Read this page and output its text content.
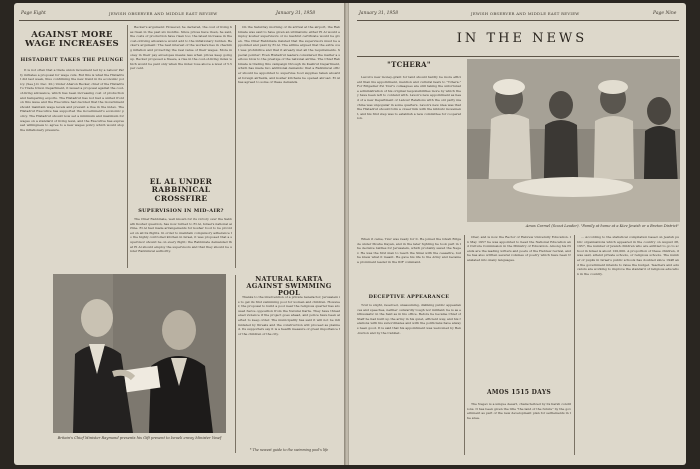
Page Eight	JEWISH OBSERVER AND MIDDLE EAST REVIEW	January 31, 1958
AGAINST MORE WAGE INCREASES
HISTADRUT TAKES THE PLUNGE

It is not often that a trade union movement led by a Labour Party initiates a proposal for wage cuts. But this is what the Histadrut did last week, thus confirming the new trend in its economic policy. (See J.O. Dec. 20.) Under Aharon Becker, chief of the Histadrut's Trade Union Department, it issued a proposal against the cost-of-living allowance, which has been increasing cost of production and hampering exports. The Histadrut has not had a united front on this issue and the Executive had decided that the Government should maintain wage levels and prevent a rise in the index. The Histadrut Executive has supported the Government's economic policy. The Histadrut should now set a minimum and maximum for wages on a standard of living level, and the Executive has expressed willingness to agree to a new wages policy which would stop the inflationary pressure.

Becker's argument: However, he declared, the cost of living has risen in the past six months. Since prices have risen, he said, the costs of production have risen too; the latest increase in the cost-of-living allowance would add to the inflationary burden. Becker's argument: The best interest of the workers lies in checking inflation and protecting the real value of their wages. More money in their pay envelopes means less when prices keep going up. Becker proposed a freeze, a rise in the cost-of-living index which would be paid only when the index rose above a level of 5.5 per cent.

EL AL UNDER RABBINICAL CROSSFIRE
SUPERVISION IN MID-AIR?

The Chief Rabbinate, well known for its victory over the Sabbath Kosher question, has now turned to El Al, Israel's national airline. El Al had made arrangements for kosher food to be provided on all its flights. In order to maintain compulsory adherence to the highly controlled kitchen in Israel, it was proposed that a supervisor should be on every flight; the Rabbinate demanded that El Al should employ the supervisors and that they should be under Rabbinical authority.

On the Saturday morning of its arrival at the airport, the Rabbinate was said to have given an ultimatum; either El Al would employ kosher supervisors or no kashrut certificate would be given. The Chief Rabbinate insisted that the supervisors must be appointed and paid by El Al. The airline argued that the extra cost was prohibitive and that it already met all the requirements. Special pointer: Even Histadrut leaders considered the matter a serious blow to the prestige of the national airline. The Chief Rabbinate is trading this campaign through its Kashrut Department, which has made two additional demands: that a Rabbinical officer should be appointed to supervise food supplies taken aboard at foreign airfields, and kosher kitchens be opened abroad. El Al has agreed to some of these demands.

Britain's Chief Minister Raymond presents his Gift present to Israeli envoy Minister Yosef
NATURAL KARTA AGAINST SWIMMING POOL

Thanks to the intervention of a private benefactor, Jerusalem is to get its first swimming pool for women and children. However, the proposal to build a pool near the religious quarter has aroused fierce opposition from the Neturei Karta. They have threatened violence if the project goes ahead, and police have been alerted to keep order. The municipality has said it will not be intimidated by threats and the construction will proceed as planned. Its supporters say it is a health measure of great importance for the children of the city.

* The newest guide to the swimming pool's life
January 31, 1958	JEWISH OBSERVER AND MIDDLE EAST REVIEW	Page Nine
IN THE NEWS
"TCHERA"

Lavon's new money-grant for land should hardly be more efficient than his appointment, mention and cultural fears to "Tchera." For Brigadier Zvi Tzur's colleagues are still taking the unfortunate administration of his original responsibilities more by which they have been left to contend with. Lavon's new appointment as head of a new Department of Labour Relations with the old party machine was unpopular in some quarters. Lavon's new idea was that the Histadrut should form a closer link with the kibbutz movement, and his first step was to establish a new committee for cooperation.

Amos Carmel (Scout Leader). "Family at home at a Kiev Jewish or a Breton District"

When it came, Tzur was ready for it. He joined the Givati Brigade under Moshe Dayan, and in the later fighting he took part in the decisive battles for Jerusalem, which probably saved the Negev. He was the first man to reach the Sinai with the ceasefire, but he knew what it meant. He gave his life to the Army and became a prominent leader in the IDF command.

DECEPTIVE APPEARANCE

Tzur is slight, reserved, unassuming, disliking public appearances and speeches, neither outwardly tough nor militant; he is as enthusiastic in the field as in his office. Before he became Chief of Staff he had built up the army in his quiet, efficient way, and his relations with his subordinates and with the politicians have always been good. It is said that his appointment was welcomed by Ben-Gurion and by the Cabinet.

Ober, and is now the Rector of Hebrew University Education. In May 1957 he was appointed to head the National Education and Culture Commission in the Ministry of Education. Among his friends are the leading writers and poets of the Hebrew revival, and he has also written several volumes of poetry which have been translated into many languages.

AMOS 1515 DAYS

The Negev is a unique desert, characterized by its harsh conditions. It has been given the title "the land of the future" by the government as part of the new development plan for settlements in the area.

... According to the statistical compilation based on Jewish public organisations which appeared in the country on August 28, 1957, the number of Jewish children who are entitled to go to school in Israel is about 120,000. A proportion of these children, it was said, attend private schools, or religious schools. The number of pupils in Israel's public schools has doubled since 1948 and the government intends to raise the budget. Teachers and educators are working to improve the standard of religious education in the country.
